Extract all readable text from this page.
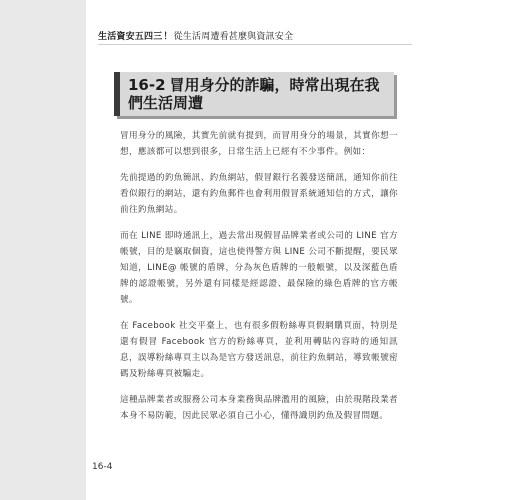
生活資安五四三！從生活周遭看甚麼與資訊安全
16-2 冒用身分的詐騙，時常出現在我們生活周遭

冒用身分的風險，其實先前就有提到，而冒用身分的場景，其實你想一想，應該都可以想到很多，日常生活上已經有不少事件。例如：

先前提過的釣魚簡訊、釣魚網站，假冒銀行名義發送簡訊，通知你前往看似銀行的網站，還有釣魚郵件也會利用假冒系統通知信的方式，讓你前往釣魚網站。

而在 LINE 即時通訊上，過去常出現假冒品牌業者或公司的 LINE 官方帳號，目的是竊取個資，這也使得警方與 LINE 公司不斷提醒，要民眾知道，LINE@ 帳號的盾牌，分為灰色盾牌的一般帳號，以及深藍色盾牌的認證帳號，另外還有同樣是經認證、最保險的綠色盾牌的官方帳號。

在 Facebook 社交平臺上，也有很多假粉絲專頁假網購頁面，特別是還有假冒 Facebook 官方的粉絲專頁，並利用轉貼內容時的通知訊息，誤導粉絲專頁主以為是官方發送訊息，前往釣魚網站，導致帳號密碼及粉絲專頁被騙走。

這種品牌業者或服務公司本身業務與品牌濫用的風險，由於現階段業者本身不易防範，因此民眾必須自己小心，懂得識別釣魚及假冒問題。

16-4
